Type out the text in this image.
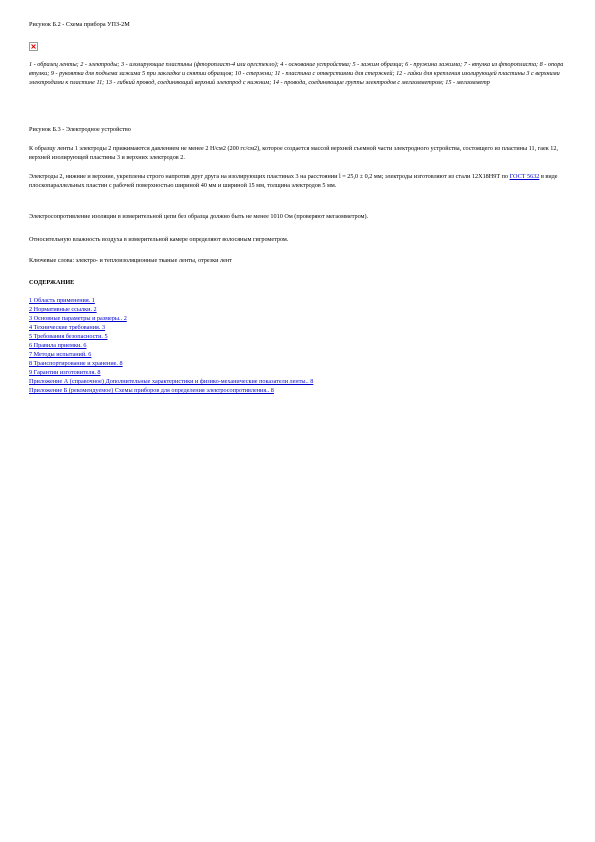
Рисунок Б.2 - Схема прибора УПЗ-2М

1 - образец ленты; 2 - электроды; 3 - изолирующие пластины (фторопласт-4 или оргстекло); 4 - основание устройства; 5 - зажим образца; 6 - пружина зажима; 7 - втулка из фторопласта; 8 - опора втулки; 9 - рукоятка для подъема зажима 5 при закладке и снятии образцов; 10 - стержни; 11 - пластина с отверстиями для стержней; 12 - гайки для крепления изолирующей пластины 3 с верхними электродами к пластине 11; 13 - гибкий провод, соединяющий верхний электрод с нижним; 14 - провода, соединяющие группы электродов с мегаомметром; 15 - мегаомметр

Рисунок Б.3 - Электродное устройство

К образцу ленты 1 электроды 2 прижимаются давлением не менее 2 Н/см2 (200 гс/см2), которое создается массой верхней съемной части электродного устройства, состоящего из пластины 11, гаек 12, верхней изолирующей пластины 3 и верхних электродов 2.

Электроды 2, нижние и верхние, укреплены строго напротив друг друга на изолирующих пластинах 3 на расстоянии l = 25,0 ± 0,2 мм; электроды изготовляют из стали 12Х18Н9Т по ГОСТ 5632 в виде плоскопараллельных пластин с рабочей поверхностью шириной 40 мм и шириной 15 мм, толщина электродов 5 мм.

Электросопротивление изоляции в измерительной цепи без образца должно быть не менее 1010 Ом (проверяют мегаомметром).

Относительную влажность воздуха в измерительной камере определяют волосяным гигрометром.

Ключевые слова: электро- и теплоизоляционные тканые ленты, отрезки лент

СОДЕРЖАНИЕ

1 Область применения. 1
2 Нормативные ссылки. 2
3 Основные параметры и размеры.. 2
4 Технические требования. 3
5 Требования безопасности. 5
6 Правила приемки. 6
7 Методы испытаний. 6
8 Транспортирование и хранение. 8
9 Гарантии изготовителя. 8
Приложение А (справочное) Дополнительные характеристики и физико-механические показатели ленты.. 8
Приложение Б (рекомендуемое) Схемы приборов для определения электросопротивления.. 8
